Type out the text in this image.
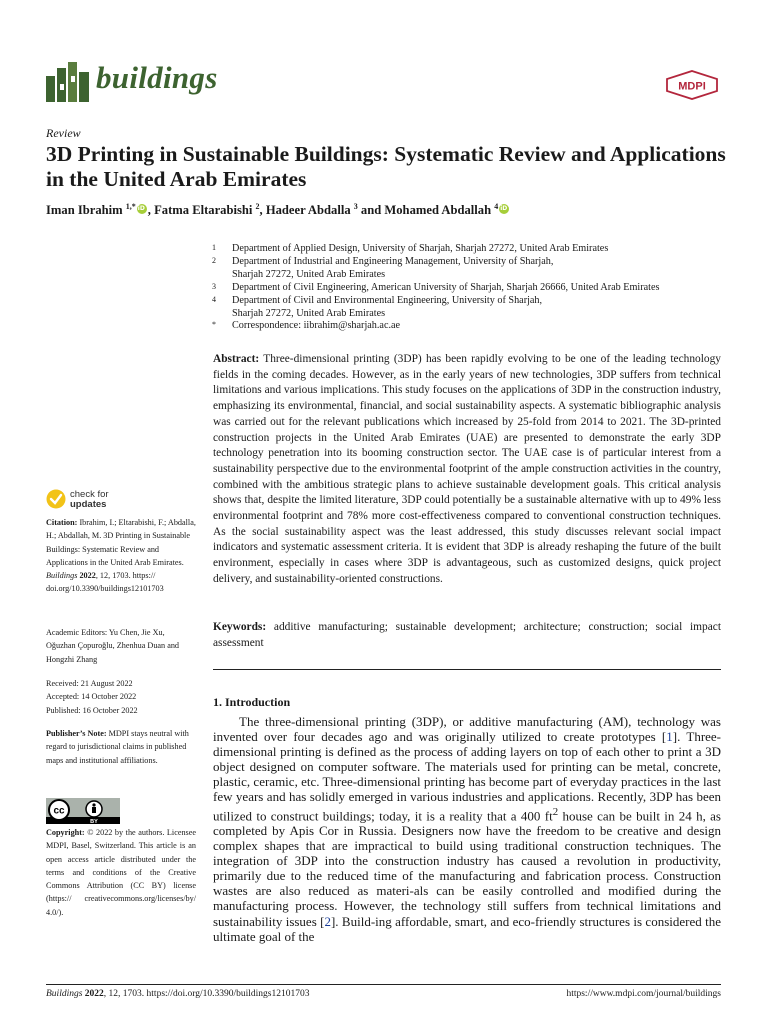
buildings	MDPI
Review
3D Printing in Sustainable Buildings: Systematic Review and Applications in the United Arab Emirates
Iman Ibrahim $^{1,*}$iD , Fatma Eltarabishi $^2$, Hadeer Abdalla $^3$ and Mohamed Abdallah $^4$iD
1	Department of Applied Design, University of Sharjah, Sharjah 27272, United Arab Emirates
2	Department of Industrial and Engineering Management, University of Sharjah,
Sharjah 27272, United Arab Emirates
3	Department of Civil Engineering, American University of Sharjah, Sharjah 26666, United Arab Emirates
4	Department of Civil and Environmental Engineering, University of Sharjah,
Sharjah 27272, United Arab Emirates
*	Correspondence: iibrahim@sharjah.ac.ae
Abstract: Three-dimensional printing (3DP) has been rapidly evolving to be one of the leading technology fields in the coming decades. However, as in the early years of new technologies, 3DP suffers from technical limitations and various implications. This study focuses on the applications of 3DP in the construction industry, emphasizing its environmental, financial, and social sustainability aspects. A systematic bibliographic analysis was carried out for the relevant publications which increased by 25-fold from 2014 to 2021. The 3D-printed construction projects in the United Arab Emirates (UAE) are presented to demonstrate the early 3DP technology penetration into its booming construction sector. The UAE case is of particular interest from a sustainability perspective due to the environmental footprint of the ample construction activities in the country, combined with the ambitious strategic plans to achieve sustainable development goals. This critical analysis shows that, despite the limited literature, 3DP could potentially be a sustainable alternative with up to 49% less environmental footprint and 78% more cost-effectiveness compared to conventional construction techniques. As the social sustainability aspect was the least addressed, this study discusses relevant social impact indicators and systematic assessment criteria. It is evident that 3DP is already reshaping the future of the built environment, especially in cases where 3DP is advantageous, such as customized designs, quick project delivery, and sustainability-oriented constructions.
Keywords: additive manufacturing; sustainable development; architecture; construction; social impact assessment
check for
updates
Citation: Ibrahim, I.; Eltarabishi, F.; Abdalla, H.; Abdallah, M. 3D Printing in Sustainable Buildings: Systematic Review and Applications in the United Arab Emirates. Buildings 2022, 12, 1703. https:// doi.org/10.3390/buildings12101703
Academic Editors: Yu Chen, Jie Xu, Oğuzhan Çopuroğlu, Zhenhua Duan and Hongzhi Zhang
Received: 21 August 2022
Accepted: 14 October 2022
Published: 16 October 2022
Publisher’s Note: MDPI stays neutral with regard to jurisdictional claims in published maps and institutional affiliations.
cc
BY
Copyright: © 2022 by the authors. Licensee MDPI, Basel, Switzerland. This article is an open access article distributed under the terms and conditions of the Creative Commons Attribution (CC BY) license (https:// creativecommons.org/licenses/by/ 4.0/).
1. Introduction
The three-dimensional printing (3DP), or additive manufacturing (AM), technology was invented over four decades ago and was originally utilized to create prototypes [1]. Three-dimensional printing is defined as the process of adding layers on top of each other to print a 3D object designed on computer software. The materials used for printing can be metal, concrete, plastic, ceramic, etc. Three-dimensional printing has become part of everyday practices in the last few years and has solidly emerged in various industries and applications. Recently, 3DP has been utilized to construct buildings; today, it is a reality that a 400 $ft^2$ house can be built in 24 h, as completed by Apis Cor in Russia. Designers now have the freedom to be creative and design complex shapes that are impractical to build using traditional construction techniques. The integration of 3DP into the construction industry has caused a revolution in productivity, primarily due to the reduced time of the manufacturing and fabrication process. Construction wastes are also reduced as materi-als can be easily controlled and modified during the manufacturing process. However, the technology still suffers from technical limitations and sustainability issues [2]. Build-ing affordable, smart, and eco-friendly structures is considered the ultimate goal of the
Buildings 2022, 12, 1703. https://doi.org/10.3390/buildings12101703	https://www.mdpi.com/journal/buildings
